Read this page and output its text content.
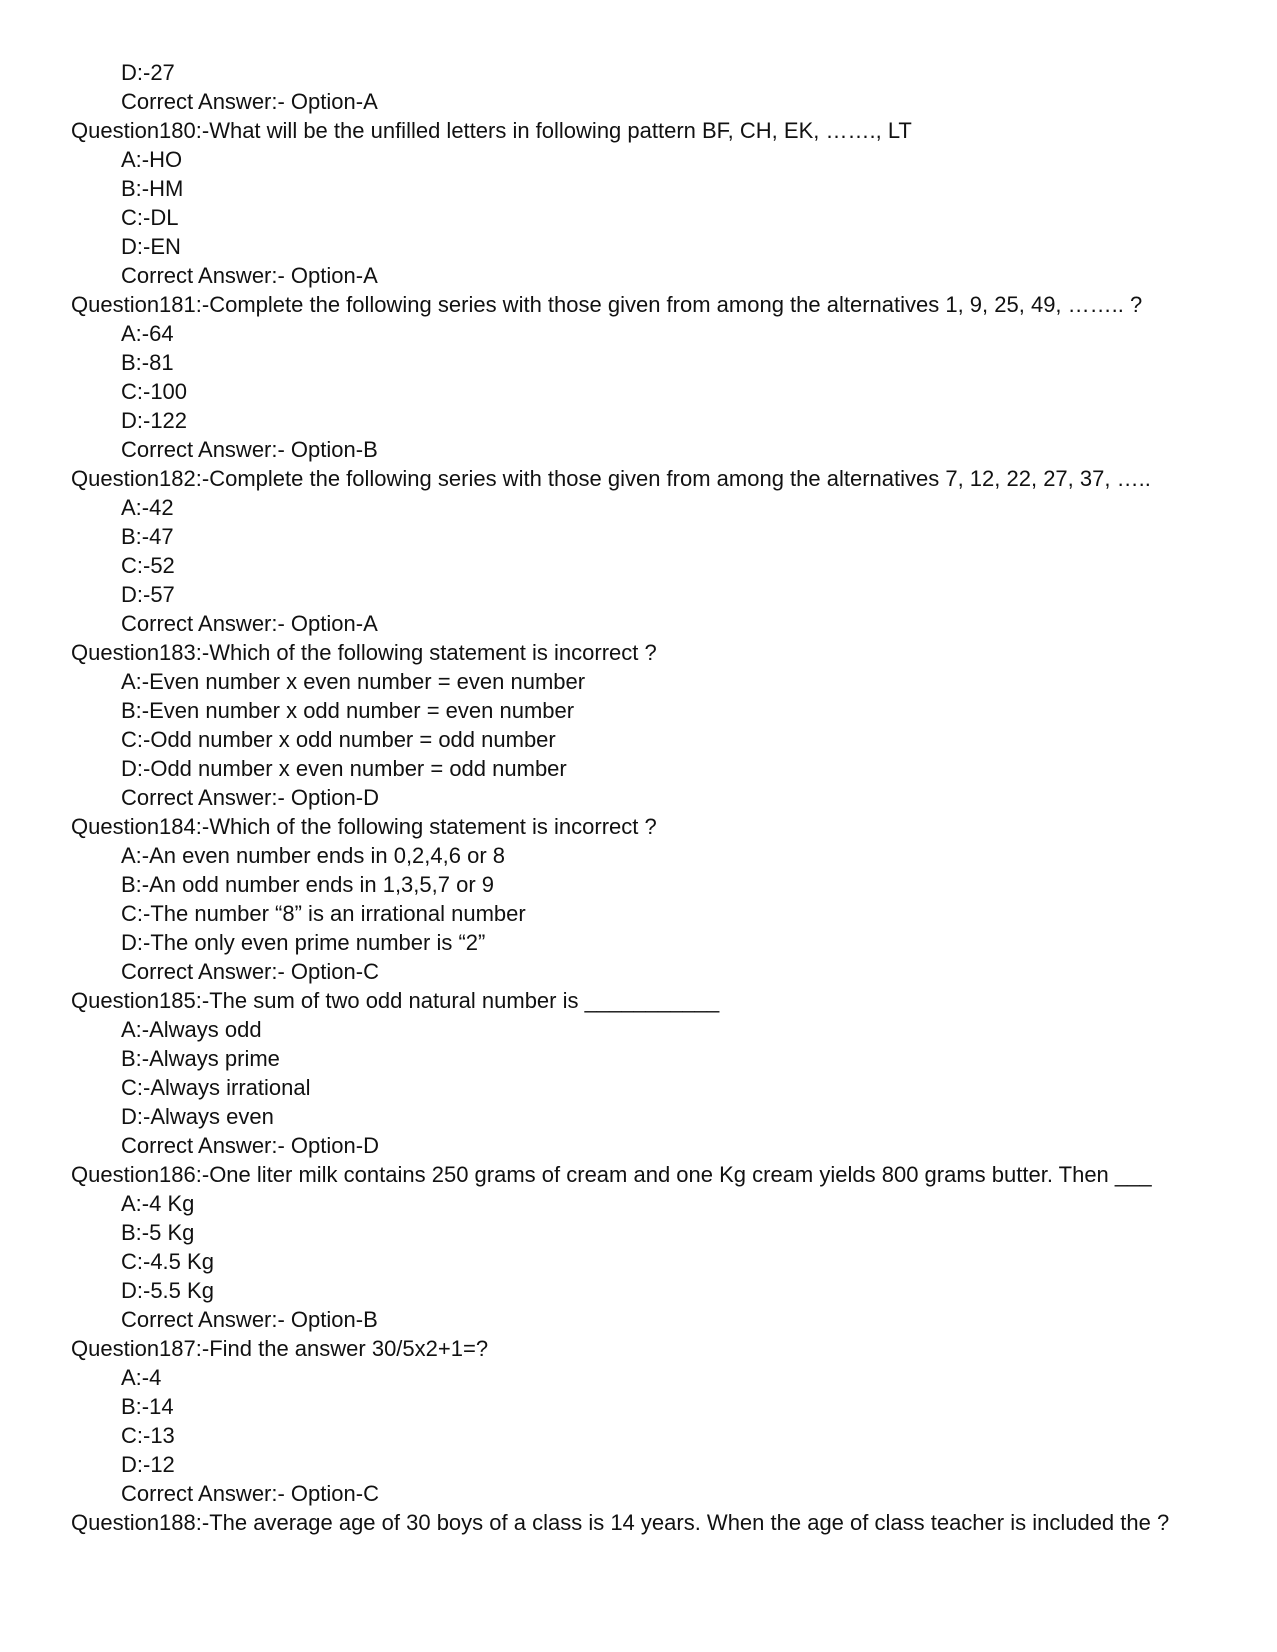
D:-27
Correct Answer:- Option-A
Question180:-What will be the unfilled letters in following pattern BF, CH, EK, ……., LT
A:-HO
B:-HM
C:-DL
D:-EN
Correct Answer:- Option-A
Question181:-Complete the following series with those given from among the alternatives 1, 9, 25, 49, …….. ?
A:-64
B:-81
C:-100
D:-122
Correct Answer:- Option-B
Question182:-Complete the following series with those given from among the alternatives 7, 12, 22, 27, 37, …..
A:-42
B:-47
C:-52
D:-57
Correct Answer:- Option-A
Question183:-Which of the following statement is incorrect ?
A:-Even number x even number = even number
B:-Even number x odd number = even number
C:-Odd number x odd number = odd number
D:-Odd number x even number = odd number
Correct Answer:- Option-D
Question184:-Which of the following statement is incorrect ?
A:-An even number ends in 0,2,4,6 or 8
B:-An odd number ends in 1,3,5,7 or 9
C:-The number “8” is an irrational number
D:-The only even prime number is “2”
Correct Answer:- Option-C
Question185:-The sum of two odd natural number is ___________
A:-Always odd
B:-Always prime
C:-Always irrational
D:-Always even
Correct Answer:- Option-D
Question186:-One liter milk contains 250 grams of cream and one Kg cream yields 800 grams butter. Then ___
A:-4 Kg
B:-5 Kg
C:-4.5 Kg
D:-5.5 Kg
Correct Answer:- Option-B
Question187:-Find the answer 30/5x2+1=?
A:-4
B:-14
C:-13
D:-12
Correct Answer:- Option-C
Question188:-The average age of 30 boys of a class is 14 years. When the age of class teacher is included the ?
